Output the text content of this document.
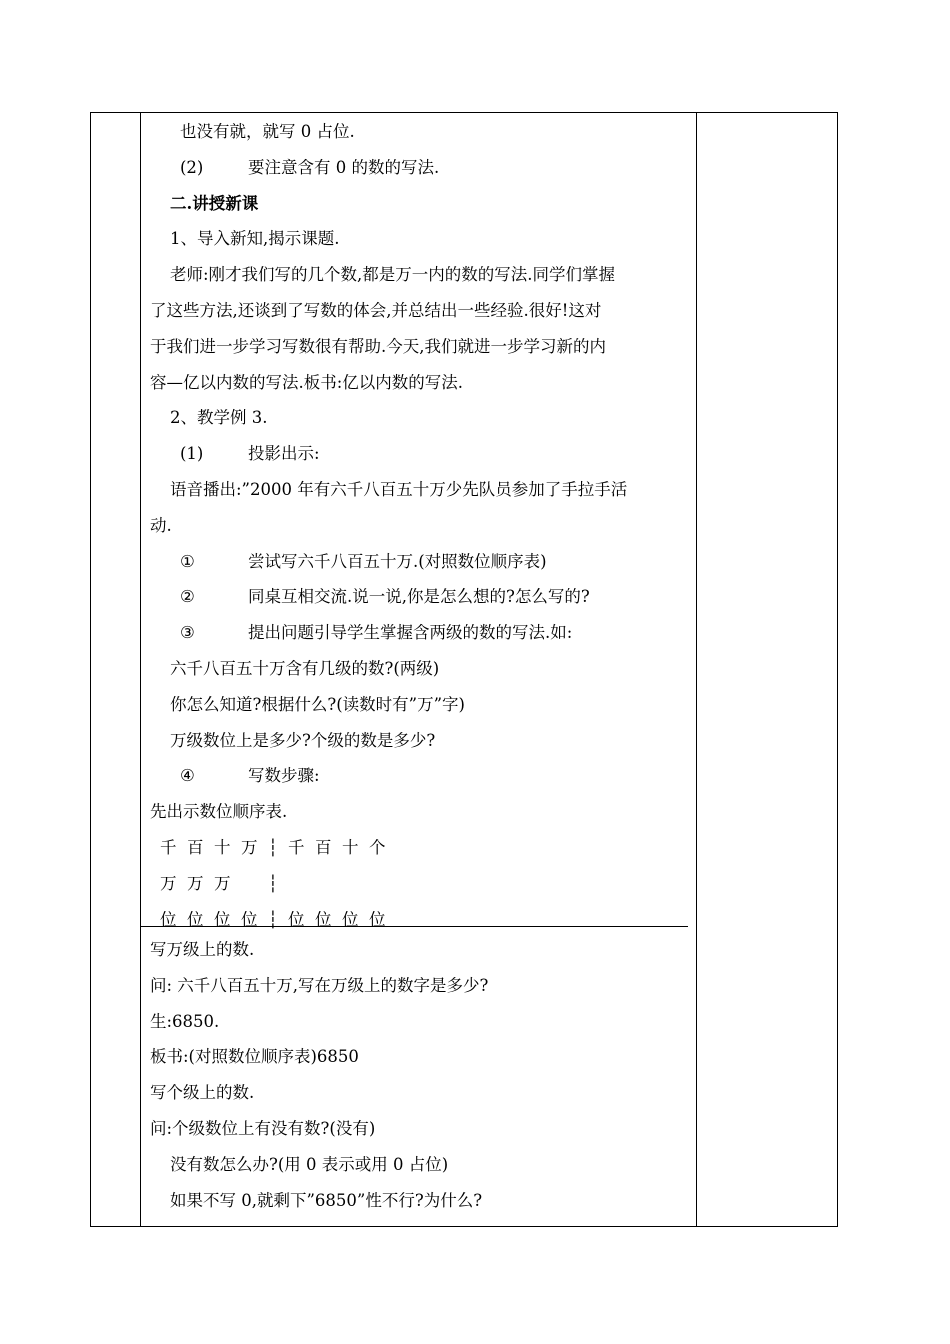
也没有就，就写 0 占位.
(2)	要注意含有 0 的数的写法.
二.讲授新课
1、导入新知,揭示课题.
老师:刚才我们写的几个数,都是万一内的数的写法.同学们掌握
了这些方法,还谈到了写数的体会,并总结出一些经验.很好!这对
于我们进一步学习写数很有帮助.今天,我们就进一步学习新的内
容—亿以内数的写法.板书:亿以内数的写法.
2、教学例 3.
(1)	投影出示:
语音播出:”2000 年有六千八百五十万少先队员参加了手拉手活
动.
①	尝试写六千八百五十万.(对照数位顺序表)
②	同桌互相交流.说一说,你是怎么想的?怎么写的?
③	提出问题引导学生掌握含两级的数的写法.如:
六千八百五十万含有几级的数?(两级)
你怎么知道?根据什么?(读数时有”万”字)
万级数位上是多少?个级的数是多少?
④	写数步骤:
先出示数位顺序表.
千 百 十 万 ┆ 千 百 十 个
万 万 万 ┆
位 位 位 位 ┆ 位 位 位 位
写万级上的数.
问: 六千八百五十万,写在万级上的数字是多少?
生:6850.
板书:(对照数位顺序表)6850
写个级上的数.
问:个级数位上有没有数?(没有)
没有数怎么办?(用 0 表示或用 0 占位)
如果不写 0,就剩下”6850”性不行?为什么?
